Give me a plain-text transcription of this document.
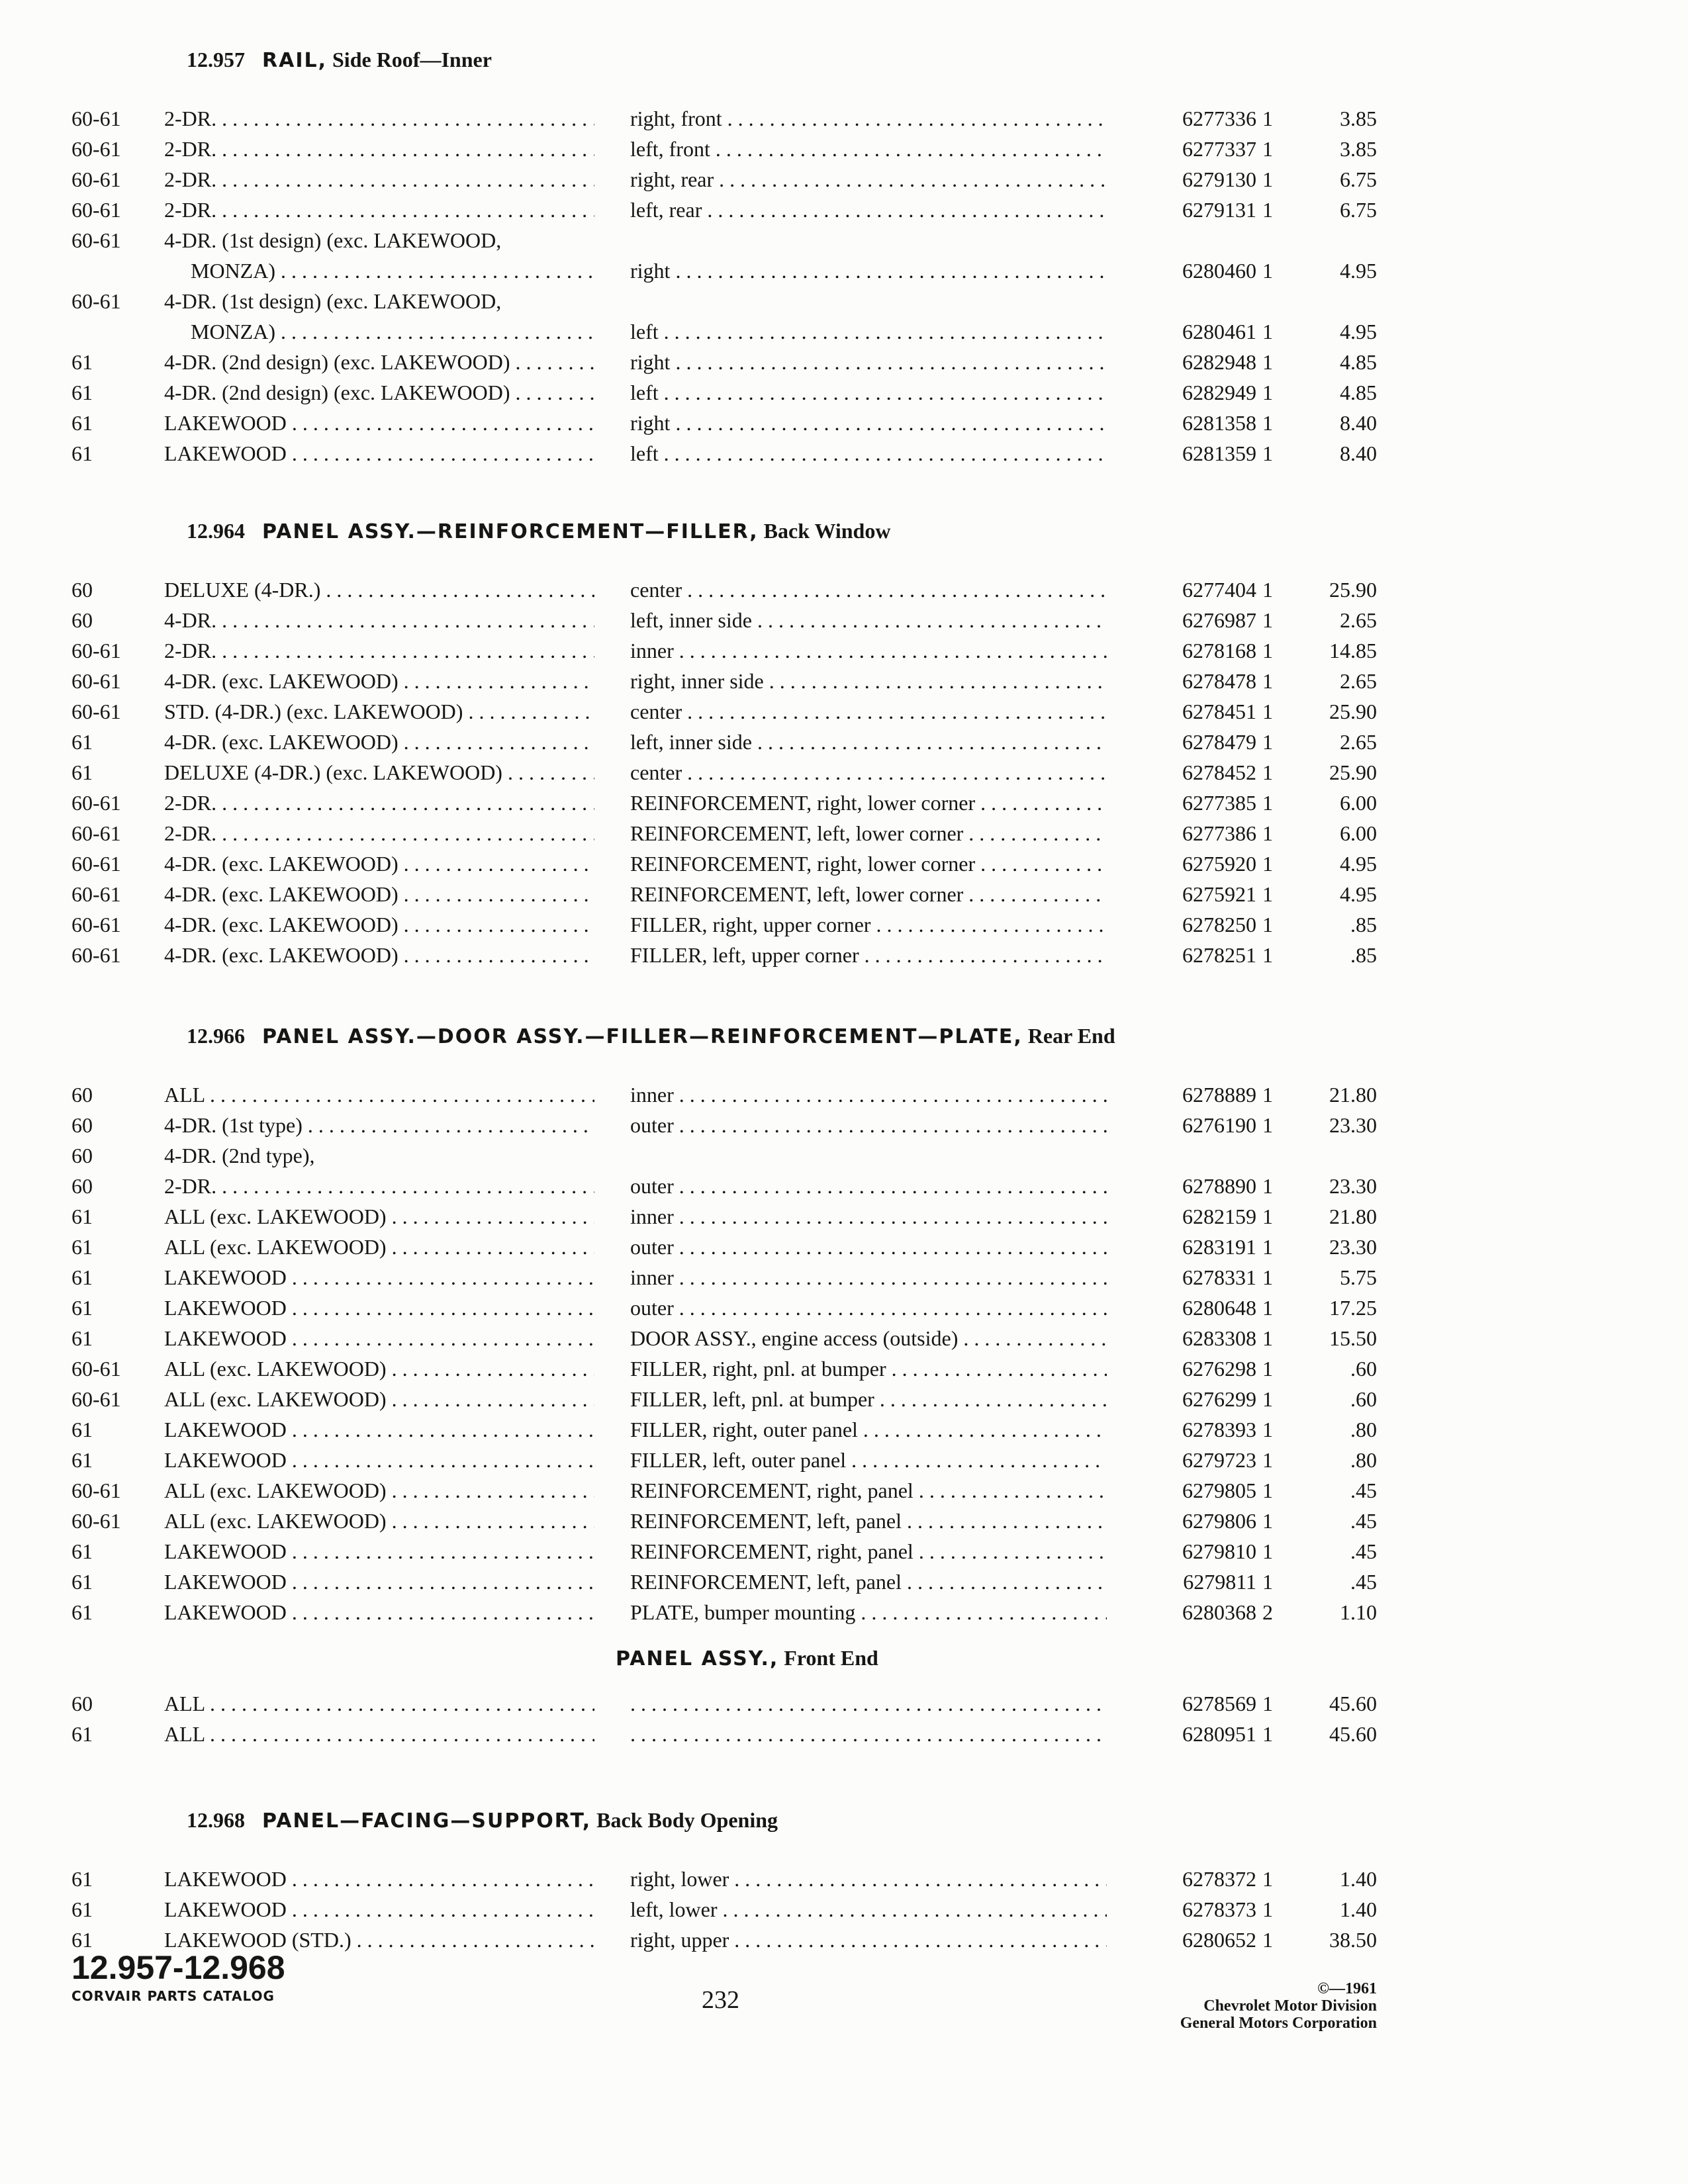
12.957 RAIL, Side Roof—Inner
60-61	2-DR. . . .	right, front . . .	6277336 1	3.85
60-61	2-DR. . . .	left, front . . .	6277337 1	3.85
60-61	2-DR. . . .	right, rear . . .	6279130 1	6.75
60-61	2-DR. . . .	left, rear . . .	6279131 1	6.75
60-61	4-DR. (1st design) (exc. LAKEWOOD,
MONZA) . . .	right . . .	6280460 1	4.95
60-61	4-DR. (1st design) (exc. LAKEWOOD,
MONZA) . . .	left . . .	6280461 1	4.95
61	4-DR. (2nd design) (exc. LAKEWOOD) . . .	right . . .	6282948 1	4.85
61	4-DR. (2nd design) (exc. LAKEWOOD) . . .	left . . .	6282949 1	4.85
61	LAKEWOOD . . .	right . . .	6281358 1	8.40
61	LAKEWOOD . . .	left . . .	6281359 1	8.40
12.964 PANEL ASSY.—REINFORCEMENT—FILLER, Back Window
60	DELUXE (4-DR.) . . .	center . . .	6277404 1	25.90
60	4-DR. . . .	left, inner side . . .	6276987 1	2.65
60-61	2-DR. . . .	inner . . .	6278168 1	14.85
60-61	4-DR. (exc. LAKEWOOD) . . .	right, inner side . . .	6278478 1	2.65
60-61	STD. (4-DR.) (exc. LAKEWOOD) . . .	center . . .	6278451 1	25.90
61	4-DR. (exc. LAKEWOOD) . . .	left, inner side . . .	6278479 1	2.65
61	DELUXE (4-DR.) (exc. LAKEWOOD) . . .	center . . .	6278452 1	25.90
60-61	2-DR. . . .	REINFORCEMENT, right, lower corner . . .	6277385 1	6.00
60-61	2-DR. . . .	REINFORCEMENT, left, lower corner . . .	6277386 1	6.00
60-61	4-DR. (exc. LAKEWOOD) . . .	REINFORCEMENT, right, lower corner . . .	6275920 1	4.95
60-61	4-DR. (exc. LAKEWOOD) . . .	REINFORCEMENT, left, lower corner . . .	6275921 1	4.95
60-61	4-DR. (exc. LAKEWOOD) . . .	FILLER, right, upper corner . . .	6278250 1	.85
60-61	4-DR. (exc. LAKEWOOD) . . .	FILLER, left, upper corner . . .	6278251 1	.85
12.966 PANEL ASSY.—DOOR ASSY.—FILLER—REINFORCEMENT—PLATE, Rear End
60	ALL . . .	inner . . .	6278889 1	21.80
60	4-DR. (1st type) . . .	outer . . .	6276190 1	23.30
60	4-DR. (2nd type),
60	2-DR. . . .	outer . . .	6278890 1	23.30
61	ALL (exc. LAKEWOOD) . . .	inner . . .	6282159 1	21.80
61	ALL (exc. LAKEWOOD) . . .	outer . . .	6283191 1	23.30
61	LAKEWOOD . . .	inner . . .	6278331 1	5.75
61	LAKEWOOD . . .	outer . . .	6280648 1	17.25
61	LAKEWOOD . . .	DOOR ASSY., engine access (outside) . . .	6283308 1	15.50
60-61	ALL (exc. LAKEWOOD) . . .	FILLER, right, pnl. at bumper . . .	6276298 1	.60
60-61	ALL (exc. LAKEWOOD) . . .	FILLER, left, pnl. at bumper . . .	6276299 1	.60
61	LAKEWOOD . . .	FILLER, right, outer panel . . .	6278393 1	.80
61	LAKEWOOD . . .	FILLER, left, outer panel . . .	6279723 1	.80
60-61	ALL (exc. LAKEWOOD) . . .	REINFORCEMENT, right, panel . . .	6279805 1	.45
60-61	ALL (exc. LAKEWOOD) . . .	REINFORCEMENT, left, panel . . .	6279806 1	.45
61	LAKEWOOD . . .	REINFORCEMENT, right, panel . . .	6279810 1	.45
61	LAKEWOOD . . .	REINFORCEMENT, left, panel . . .	6279811 1	.45
61	LAKEWOOD . . .	PLATE, bumper mounting . . .	6280368 2	1.10
PANEL ASSY., Front End
60	ALL . . . . . .	6278569 1	45.60
61	ALL . . . . . .	6280951 1	45.60
12.968 PANEL—FACING—SUPPORT, Back Body Opening
61	LAKEWOOD . . .	right, lower . . .	6278372 1	1.40
61	LAKEWOOD . . .	left, lower . . .	6278373 1	1.40
61	LAKEWOOD (STD.) . . .	right, upper . . .	6280652 1	38.50
12.957-12.968
CORVAIR PARTS CATALOG	232	©—1961
Chevrolet Motor Division
General Motors Corporation
